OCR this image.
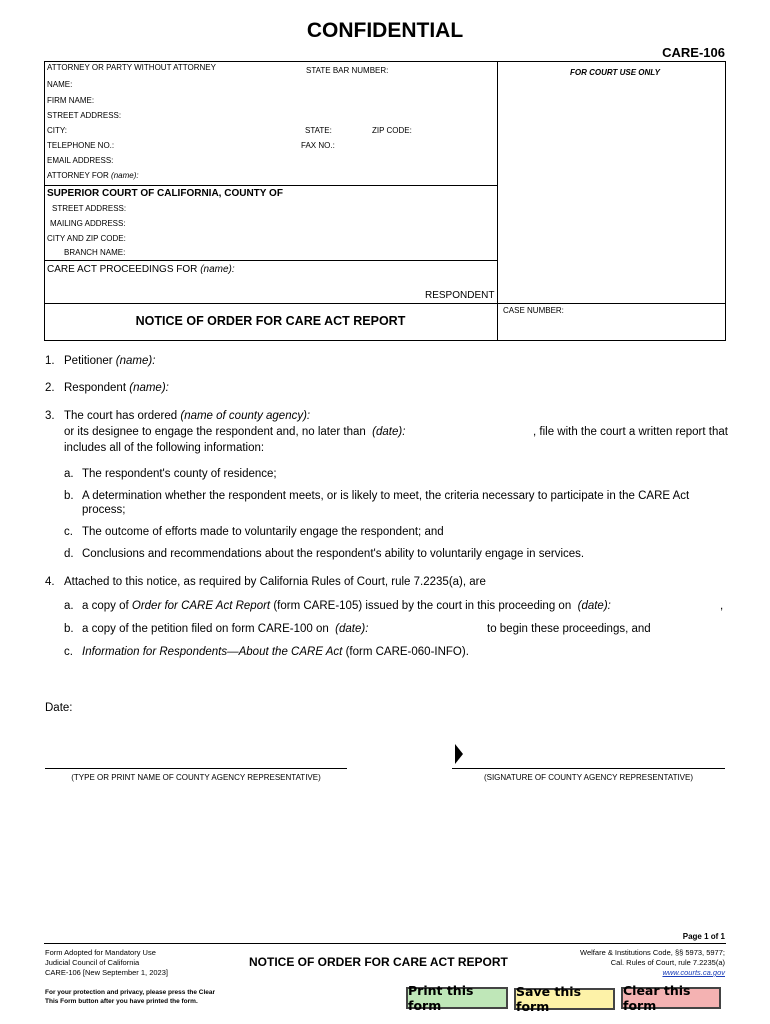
CONFIDENTIAL
CARE-106
ATTORNEY OR PARTY WITHOUT ATTORNEY	STATE BAR NUMBER:
NAME:
FIRM NAME:
STREET ADDRESS:
CITY:	STATE:	ZIP CODE:
TELEPHONE NO.:	FAX NO.:
EMAIL ADDRESS:
ATTORNEY FOR (name):
FOR COURT USE ONLY
SUPERIOR COURT OF CALIFORNIA, COUNTY OF
STREET ADDRESS:
MAILING ADDRESS:
CITY AND ZIP CODE:
BRANCH NAME:
CARE ACT PROCEEDINGS FOR (name):
RESPONDENT
NOTICE OF ORDER FOR CARE ACT REPORT
CASE NUMBER:
1. Petitioner (name):
2. Respondent (name):
3. The court has ordered (name of county agency):
or its designee to engage the respondent and, no later than (date):	, file with the court a written report that
includes all of the following information:
a. The respondent's county of residence;
b. A determination whether the respondent meets, or is likely to meet, the criteria necessary to participate in the CARE Act
process;
c. The outcome of efforts made to voluntarily engage the respondent; and
d. Conclusions and recommendations about the respondent's ability to voluntarily engage in services.
4. Attached to this notice, as required by California Rules of Court, rule 7.2235(a), are
a. a copy of Order for CARE Act Report (form CARE-105) issued by the court in this proceeding on (date):	,
b. a copy of the petition filed on form CARE-100 on (date):	to begin these proceedings, and
c. Information for Respondents—About the CARE Act (form CARE-060-INFO).
Date:
(TYPE OR PRINT NAME OF COUNTY AGENCY REPRESENTATIVE)	(SIGNATURE OF COUNTY AGENCY REPRESENTATIVE)
Page 1 of 1
Form Adopted for Mandatory Use
Judicial Council of California
CARE-106 [New September 1, 2023]
NOTICE OF ORDER FOR CARE ACT REPORT
Welfare & Institutions Code, §§ 5973, 5977;
Cal. Rules of Court, rule 7.2235(a)
www.courts.ca.gov
For your protection and privacy, please press the Clear
This Form button after you have printed the form.
Print this form
Save this form
Clear this form
